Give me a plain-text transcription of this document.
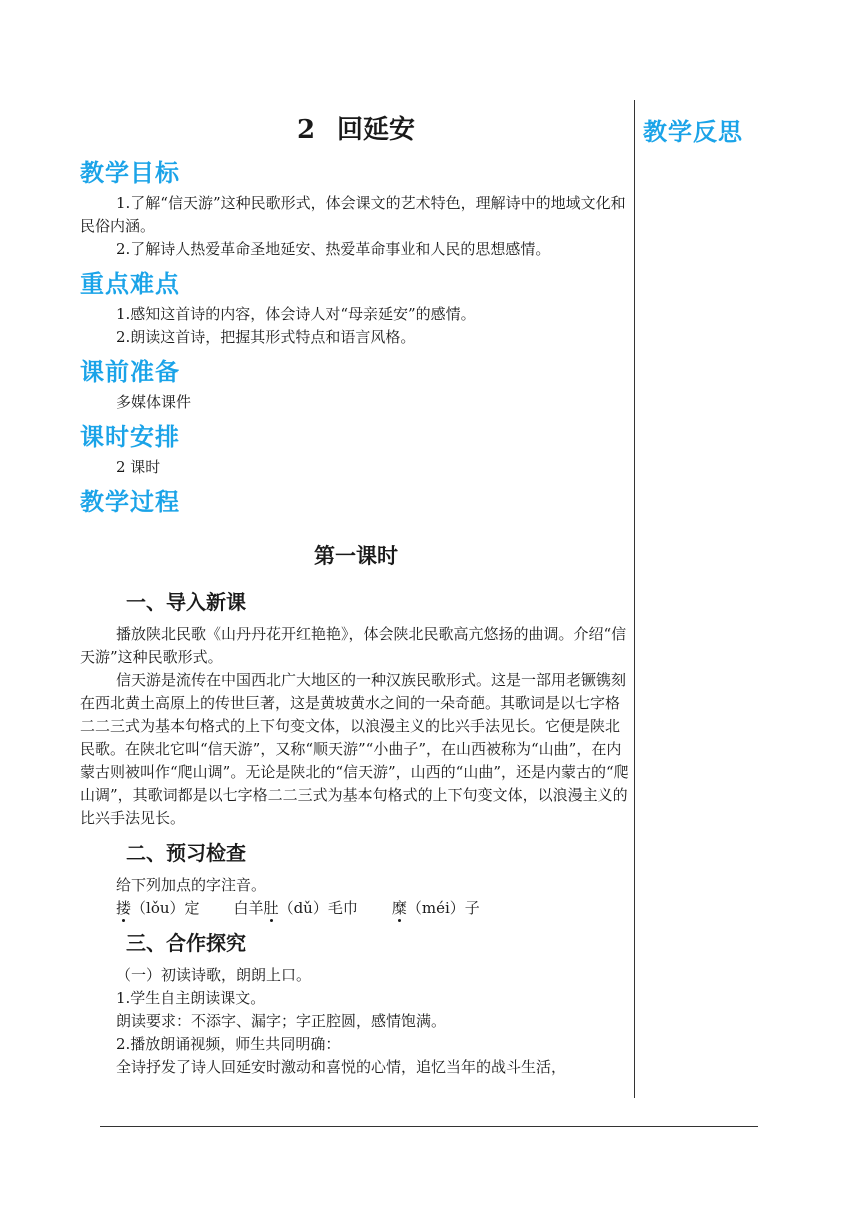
教学反思
2 回延安
教学目标

1.了解“信天游”这种民歌形式，体会课文的艺术特色，理解诗中的地域文化和民俗内涵。

2.了解诗人热爱革命圣地延安、热爱革命事业和人民的思想感情。

重点难点

1.感知这首诗的内容，体会诗人对“母亲延安”的感情。

2.朗读这首诗，把握其形式特点和语言风格。

课前准备

多媒体课件

课时安排

2 课时

教学过程
第一课时
一、导入新课

播放陕北民歌《山丹丹花开红艳艳》，体会陕北民歌高亢悠扬的曲调。介绍“信天游”这种民歌形式。

信天游是流传在中国西北广大地区的一种汉族民歌形式。这是一部用老镢镌刻在西北黄土高原上的传世巨著，这是黄坡黄水之间的一朵奇葩。其歌词是以七字格二二三式为基本句格式的上下句变文体，以浪漫主义的比兴手法见长。它便是陕北民歌。在陕北它叫“信天游”，又称“顺天游”“小曲子”，在山西被称为“山曲”，在内蒙古则被叫作“爬山调”。无论是陕北的“信天游”，山西的“山曲”，还是内蒙古的“爬山调”，其歌词都是以七字格二二三式为基本句格式的上下句变文体，以浪漫主义的比兴手法见长。

二、预习检查

给下列加点的字注音。

搂（lǒu）定 白羊肚（dǔ）毛巾 糜（méi）子

三、合作探究

（一）初读诗歌，朗朗上口。

1.学生自主朗读课文。

朗读要求：不添字、漏字；字正腔圆，感情饱满。

2.播放朗诵视频，师生共同明确：

全诗抒发了诗人回延安时激动和喜悦的心情，追忆当年的战斗生活，
